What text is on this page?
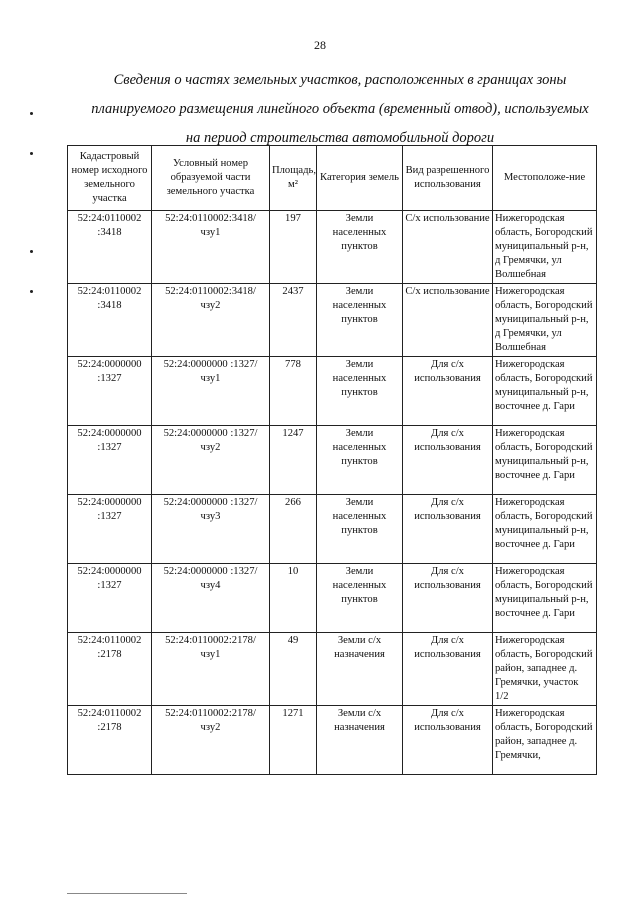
28
Сведения о частях земельных участков, расположенных в границах зоны
планируемого размещения линейного объекта (временный отвод), используемых
на период строительства автомобильной дороги
Кадастровый номер исходного земельного участка	Условный номер образуемой части земельного участка	Площадь, м²	Категория земель	Вид разрешенного использования	Местоположе-ние
52:24:0110002 :3418	52:24:0110002:3418/ чзу1	197	Земли населенных пунктов	С/х использование	Нижегородская область, Богородский муниципальный р-н, д Гремячки, ул Волшебная
52:24:0110002 :3418	52:24:0110002:3418/ чзу2	2437	Земли населенных пунктов	С/х использование	Нижегородская область, Богородский муниципальный р-н, д Гремячки, ул Волшебная
52:24:0000000 :1327	52:24:0000000 :1327/чзу1	778	Земли населенных пунктов	Для с/х использования	Нижегородская область, Богородский муниципальный р-н, восточнее д. Гари
52:24:0000000 :1327	52:24:0000000 :1327/чзу2	1247	Земли населенных пунктов	Для с/х использования	Нижегородская область, Богородский муниципальный р-н, восточнее д. Гари
52:24:0000000 :1327	52:24:0000000 :1327/чзу3	266	Земли населенных пунктов	Для с/х использования	Нижегородская область, Богородский муниципальный р-н, восточнее д. Гари
52:24:0000000 :1327	52:24:0000000 :1327/чзу4	10	Земли населенных пунктов	Для с/х использования	Нижегородская область, Богородский муниципальный р-н, восточнее д. Гари
52:24:0110002 :2178	52:24:0110002:2178/ чзу1	49	Земли с/х назначения	Для с/х использования	Нижегородская область, Богородский район, западнее д. Гремячки, участок 1/2
52:24:0110002 :2178	52:24:0110002:2178/ чзу2	1271	Земли с/х назначения	Для с/х использования	Нижегородская область, Богородский район, западнее д. Гремячки,
